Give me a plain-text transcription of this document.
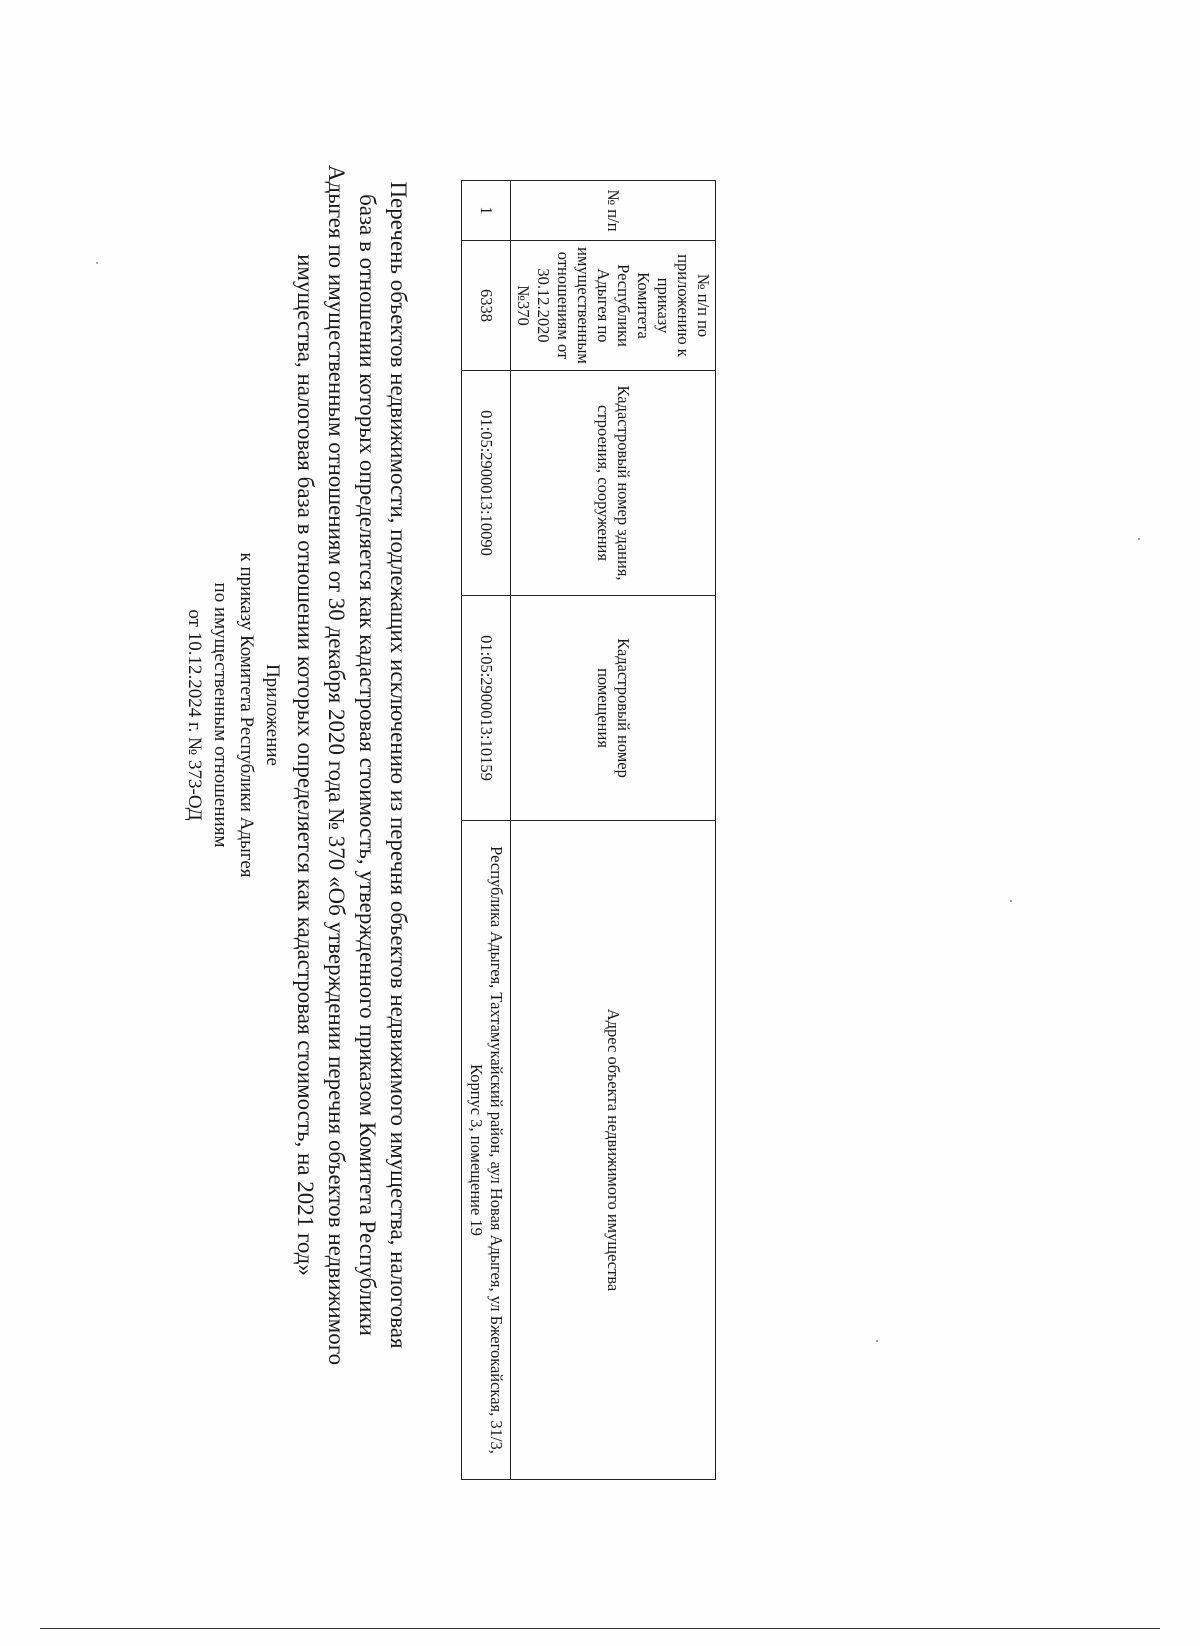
Приложение
к приказу Комитета Республики Адыгея
по имущественным отношениям
от 10.12.2024 г. № 373-ОД	Перечень объектов недвижимости, подлежащих исключению из перечня объектов недвижимого имущества, налоговая
база в отношении которых определяется как кадастровая стоимость, утвержденного приказом Комитета Республики
Адыгея по имущественным отношениям от 30 декабря 2020 года № 370 «Об утверждении перечня объектов недвижимого
имущества, налоговая база в отношении которых определяется как кадастровая стоимость, на 2021 год»
№ п/п	№ п/п по приложению к приказу Комитета Республики Адыгея по имущественным отношениям от 30.12.2020 №370	Кадастровый номер здания, строения, сооружения	Кадастровый номер помещения	Адрес объекта недвижимого имущества
1	6338	01:05:2900013:10090	01:05:2900013:10159	Республика Адыгея, Тахтамукайский район, аул Новая Адыгея, ул Бжегокайская, 31/3, Корпус 3, помещение 19
